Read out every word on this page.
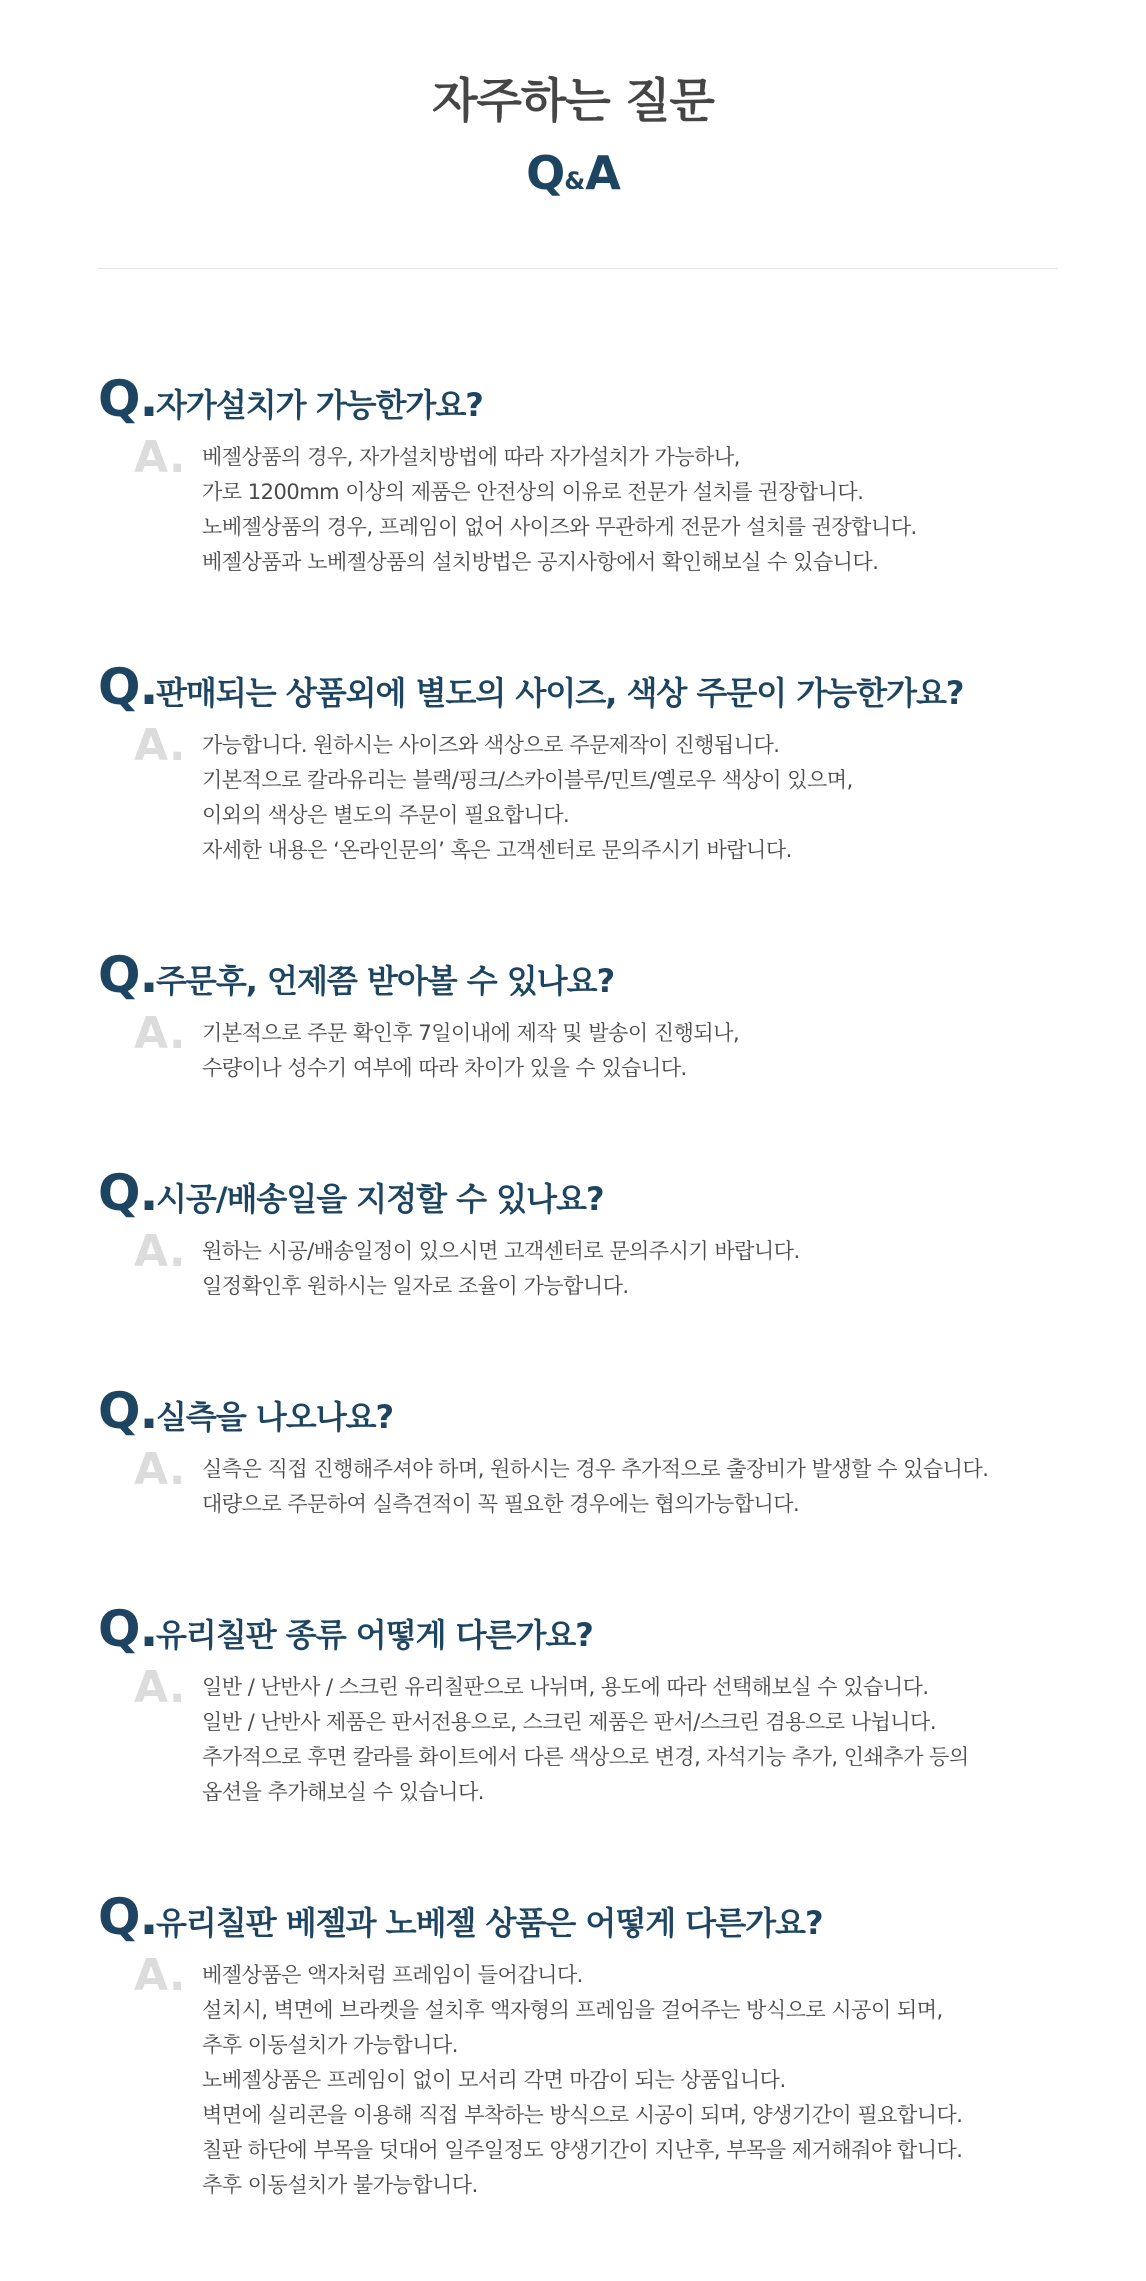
자주하는 질문
Q&A
Q.
자가설치가 가능한가요?
A. 베젤상품의 경우, 자가설치방법에 따라 자가설치가 가능하나,
가로 1200mm 이상의 제품은 안전상의 이유로 전문가 설치를 권장합니다.
노베젤상품의 경우, 프레임이 없어 사이즈와 무관하게 전문가 설치를 권장합니다.
베젤상품과 노베젤상품의 설치방법은 공지사항에서 확인해보실 수 있습니다.
Q.
판매되는 상품외에 별도의 사이즈, 색상 주문이 가능한가요?
A. 가능합니다. 원하시는 사이즈와 색상으로 주문제작이 진행됩니다.
기본적으로 칼라유리는 블랙/핑크/스카이블루/민트/옐로우 색상이 있으며,
이외의 색상은 별도의 주문이 필요합니다.
자세한 내용은 ‘온라인문의’ 혹은 고객센터로 문의주시기 바랍니다.
Q.
주문후, 언제쯤 받아볼 수 있나요?
A. 기본적으로 주문 확인후 7일이내에 제작 및 발송이 진행되나,
수량이나 성수기 여부에 따라 차이가 있을 수 있습니다.
Q.
시공/배송일을 지정할 수 있나요?
A. 원하는 시공/배송일정이 있으시면 고객센터로 문의주시기 바랍니다.
일정확인후 원하시는 일자로 조율이 가능합니다.
Q.
실측을 나오나요?
A. 실측은 직접 진행해주셔야 하며, 원하시는 경우 추가적으로 출장비가 발생할 수 있습니다.
대량으로 주문하여 실측견적이 꼭 필요한 경우에는 협의가능합니다.
Q.
유리칠판 종류 어떻게 다른가요?
A. 일반 / 난반사 / 스크린 유리칠판으로 나뉘며, 용도에 따라 선택해보실 수 있습니다.
일반 / 난반사 제품은 판서전용으로, 스크린 제품은 판서/스크린 겸용으로 나뉩니다.
추가적으로 후면 칼라를 화이트에서 다른 색상으로 변경, 자석기능 추가, 인쇄추가 등의
옵션을 추가해보실 수 있습니다.
Q.
유리칠판 베젤과 노베젤 상품은 어떻게 다른가요?
A. 베젤상품은 액자처럼 프레임이 들어갑니다.
설치시, 벽면에 브라켓을 설치후 액자형의 프레임을 걸어주는 방식으로 시공이 되며,
추후 이동설치가 가능합니다.
노베젤상품은 프레임이 없이 모서리 각면 마감이 되는 상품입니다.
벽면에 실리콘을 이용해 직접 부착하는 방식으로 시공이 되며, 양생기간이 필요합니다.
칠판 하단에 부목을 덧대어 일주일정도 양생기간이 지난후, 부목을 제거해줘야 합니다.
추후 이동설치가 불가능합니다.
